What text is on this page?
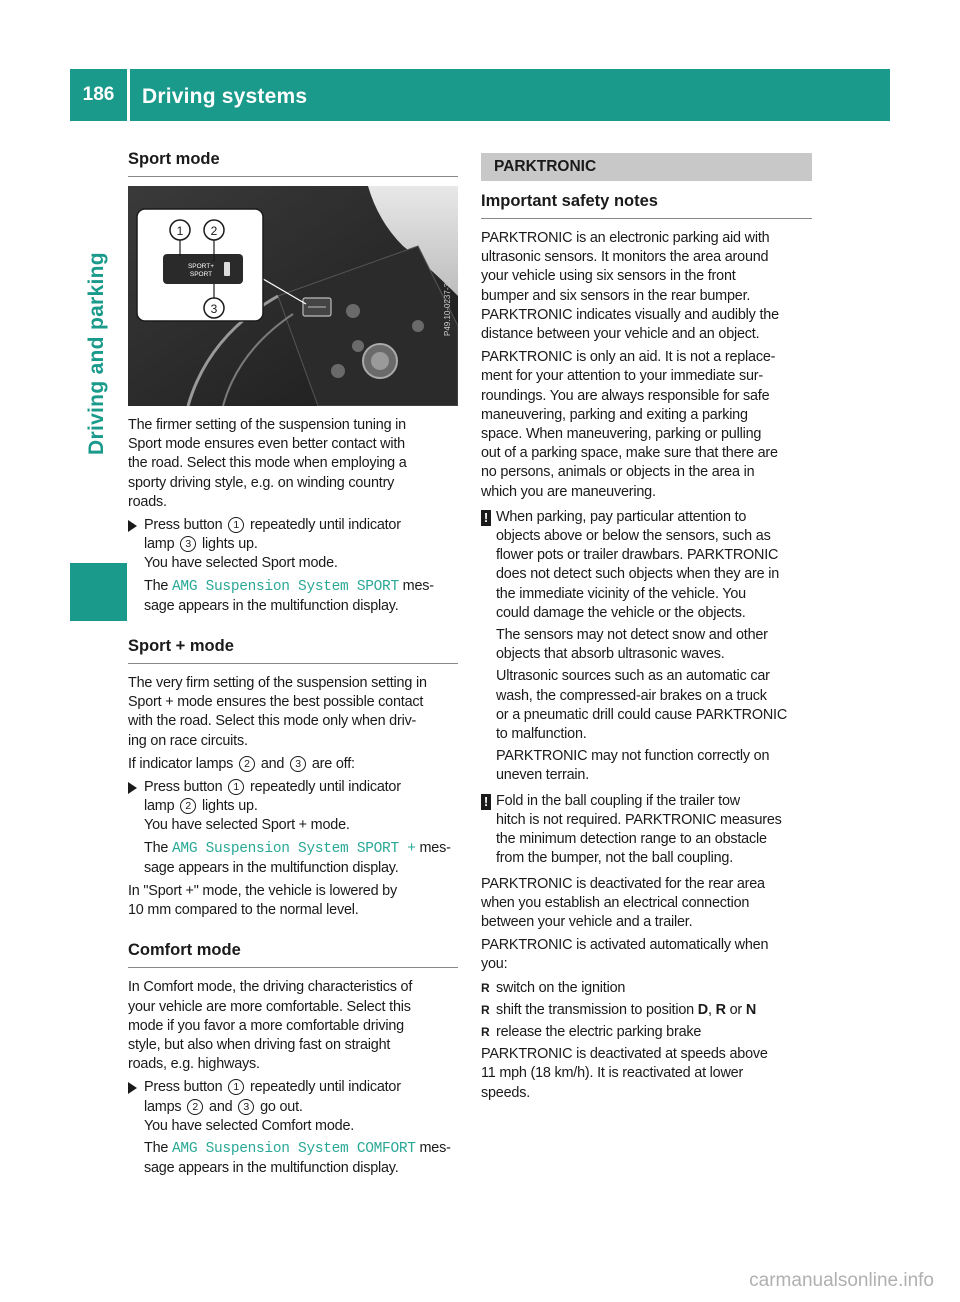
186	Driving systems
Driving and parking
Sport mode
SPORT+
SPORT
1 2
3	P49.10-0237-31

The firmer setting of the suspension tuning in
Sport mode ensures even better contact with
the road. Select this mode when employing a
sporty driving style, e.g. on winding country
roads.

Press button 1 repeatedly until indicator
lamp 3 lights up.
You have selected Sport mode.
The AMG Suspension System SPORT mes-
sage appears in the multifunction display.
Sport + mode

The very firm setting of the suspension setting in
Sport + mode ensures the best possible contact
with the road. Select this mode only when driv-
ing on race circuits.

If indicator lamps 2 and 3 are off:

Press button 1 repeatedly until indicator
lamp 2 lights up.
You have selected Sport + mode.
The AMG Suspension System SPORT + mes-
sage appears in the multifunction display.

In "Sport +" mode, the vehicle is lowered by
10 mm compared to the normal level.

Comfort mode

In Comfort mode, the driving characteristics of
your vehicle are more comfortable. Select this
mode if you favor a more comfortable driving
style, but also when driving fast on straight
roads, e.g. highways.

Press button 1 repeatedly until indicator
lamps 2 and 3 go out.
You have selected Comfort mode.
The AMG Suspension System COMFORT mes-
sage appears in the multifunction display.
PARKTRONIC
Important safety notes

PARKTRONIC is an electronic parking aid with
ultrasonic sensors. It monitors the area around
your vehicle using six sensors in the front
bumper and six sensors in the rear bumper.
PARKTRONIC indicates visually and audibly the
distance between your vehicle and an object.

PARKTRONIC is only an aid. It is not a replace-
ment for your attention to your immediate sur-
roundings. You are always responsible for safe
maneuvering, parking and exiting a parking
space. When maneuvering, parking or pulling
out of a parking space, make sure that there are
no persons, animals or objects in the area in
which you are maneuvering.

! When parking, pay particular attention to
objects above or below the sensors, such as
flower pots or trailer drawbars. PARKTRONIC
does not detect such objects when they are in
the immediate vicinity of the vehicle. You
could damage the vehicle or the objects.

The sensors may not detect snow and other
objects that absorb ultrasonic waves.

Ultrasonic sources such as an automatic car
wash, the compressed-air brakes on a truck
or a pneumatic drill could cause PARKTRONIC
to malfunction.

PARKTRONIC may not function correctly on
uneven terrain.

! Fold in the ball coupling if the trailer tow
hitch is not required. PARKTRONIC measures
the minimum detection range to an obstacle
from the bumper, not the ball coupling.

PARKTRONIC is deactivated for the rear area
when you establish an electrical connection
between your vehicle and a trailer.

PARKTRONIC is activated automatically when
you:

R switch on the ignition
R shift the transmission to position D, R or N
R release the electric parking brake

PARKTRONIC is deactivated at speeds above
11 mph (18 km/h). It is reactivated at lower
speeds.

carmanualsonline.info
